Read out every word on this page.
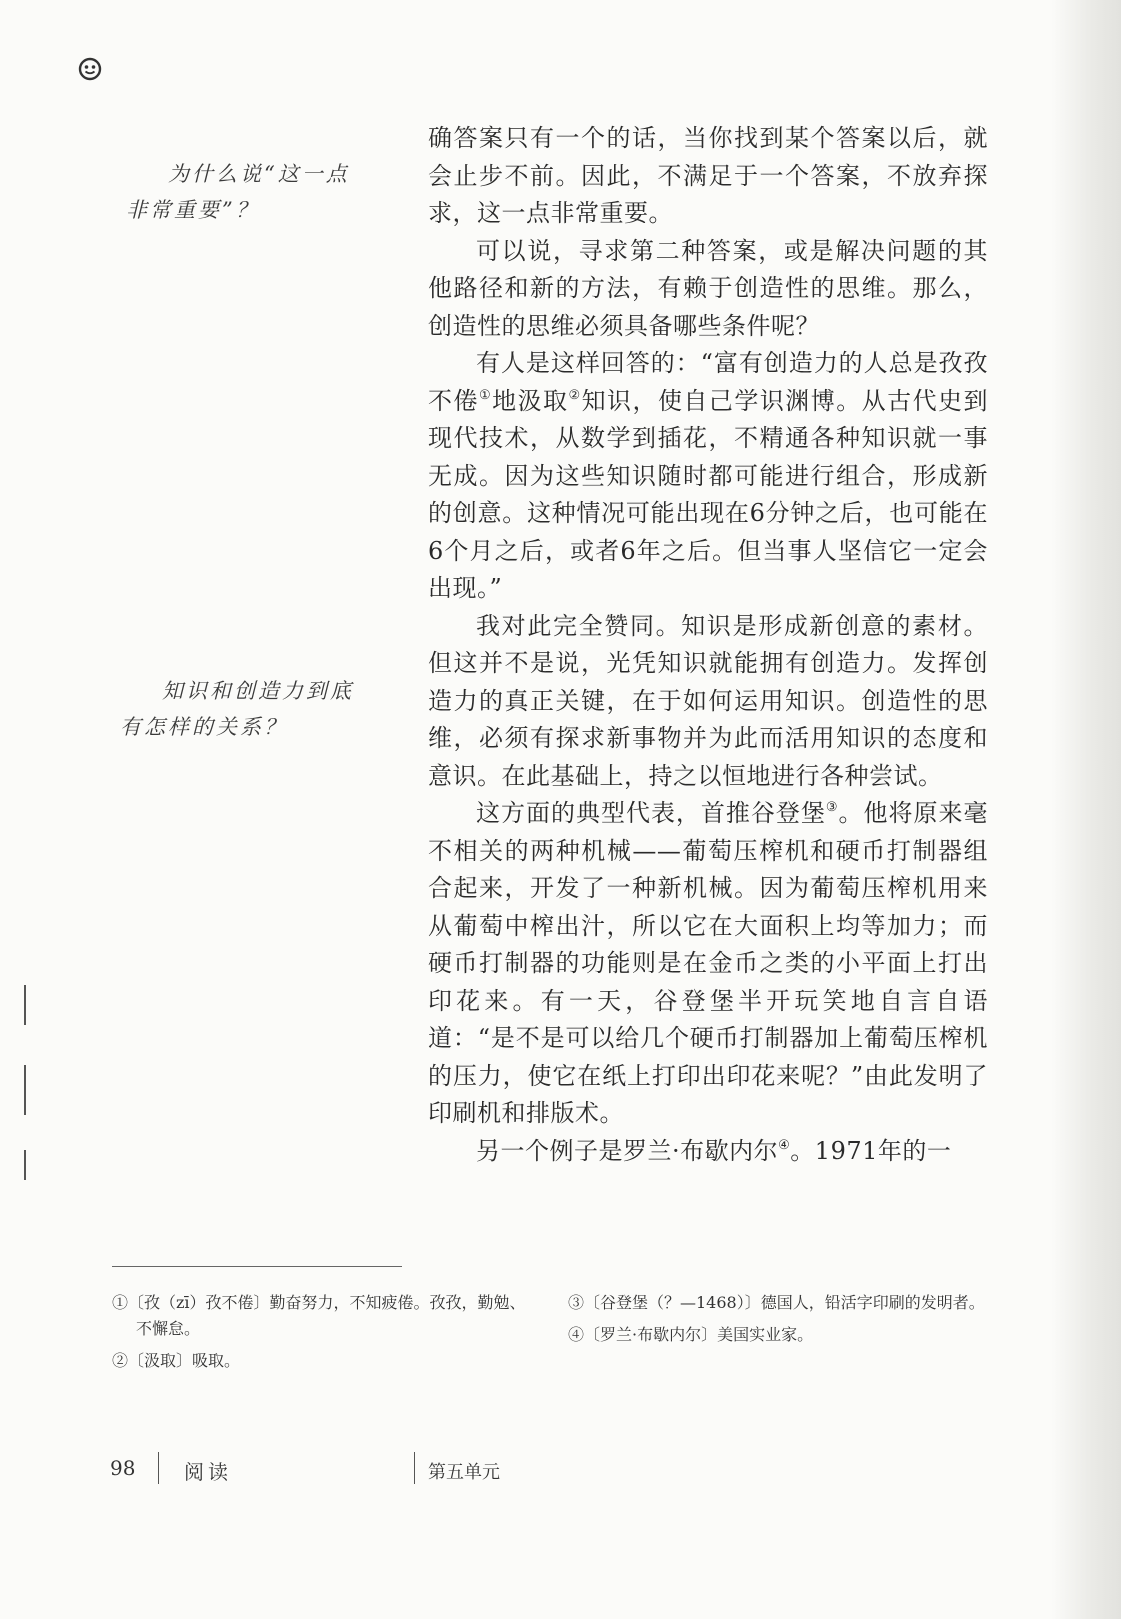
为什么说“这一点

非常重要”？

知识和创造力到底

有怎样的关系？

确答案只有一个的话，当你找到某个答案以后，就会止步不前。因此，不满足于一个答案，不放弃探求，这一点非常重要。

可以说，寻求第二种答案，或是解决问题的其他路径和新的方法，有赖于创造性的思维。那么，创造性的思维必须具备哪些条件呢？

有人是这样回答的：“富有创造力的人总是孜孜不倦①地汲取②知识，使自己学识渊博。从古代史到现代技术，从数学到插花，不精通各种知识就一事无成。因为这些知识随时都可能进行组合，形成新的创意。这种情况可能出现在6分钟之后，也可能在6个月之后，或者6年之后。但当事人坚信它一定会出现。”

我对此完全赞同。知识是形成新创意的素材。但这并不是说，光凭知识就能拥有创造力。发挥创造力的真正关键，在于如何运用知识。创造性的思维，必须有探求新事物并为此而活用知识的态度和意识。在此基础上，持之以恒地进行各种尝试。

这方面的典型代表，首推谷登堡③。他将原来毫不相关的两种机械——葡萄压榨机和硬币打制器组合起来，开发了一种新机械。因为葡萄压榨机用来从葡萄中榨出汁，所以它在大面积上均等加力；而硬币打制器的功能则是在金币之类的小平面上打出印花来。有一天，谷登堡半开玩笑地自言自语道：“是不是可以给几个硬币打制器加上葡萄压榨机的压力，使它在纸上打印出印花来呢？”由此发明了印刷机和排版术。

另一个例子是罗兰·布歇内尔④。1971年的一

①〔孜（zī）孜不倦〕勤奋努力，不知疲倦。孜孜，勤勉、不懈怠。

②〔汲取〕吸取。

③〔谷登堡（？—1468）〕德国人，铅活字印刷的发明者。

④〔罗兰·布歇内尔〕美国实业家。

98 阅读	第五单元
